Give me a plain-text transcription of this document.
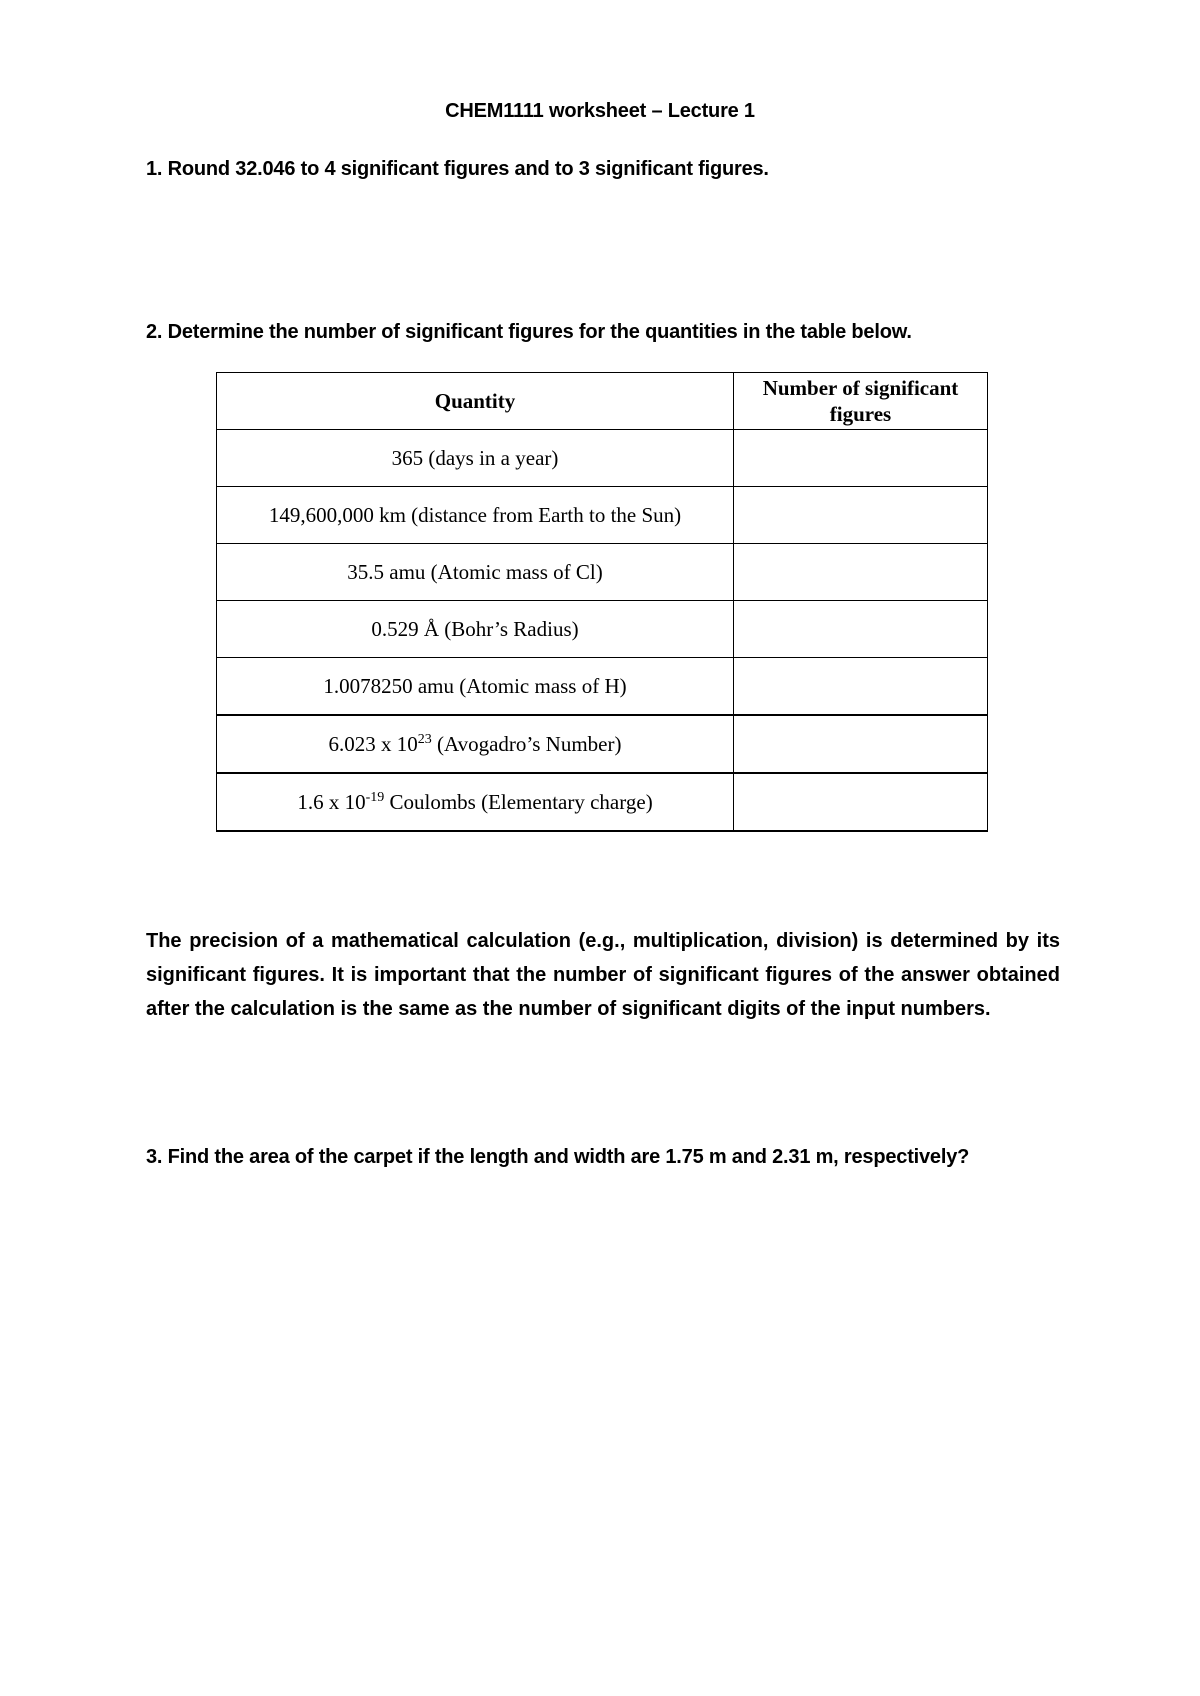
CHEM1111 worksheet – Lecture 1
1. Round 32.046 to 4 significant figures and to 3 significant figures.
2. Determine the number of significant figures for the quantities in the table below.
Quantity	Number of significant figures
365 (days in a year)	
149,600,000 km (distance from Earth to the Sun)	
35.5 amu (Atomic mass of Cl)	
0.529 Å (Bohr’s Radius)	
1.0078250 amu (Atomic mass of H)	
6.023 x $10^{23}$ (Avogadro’s Number)	
1.6 x $10^{-19}$ Coulombs (Elementary charge)	
The precision of a mathematical calculation (e.g., multiplication, division) is determined by its significant figures. It is important that the number of significant figures of the answer obtained after the calculation is the same as the number of significant digits of the input numbers.
3. Find the area of the carpet if the length and width are 1.75 m and 2.31 m, respectively?
